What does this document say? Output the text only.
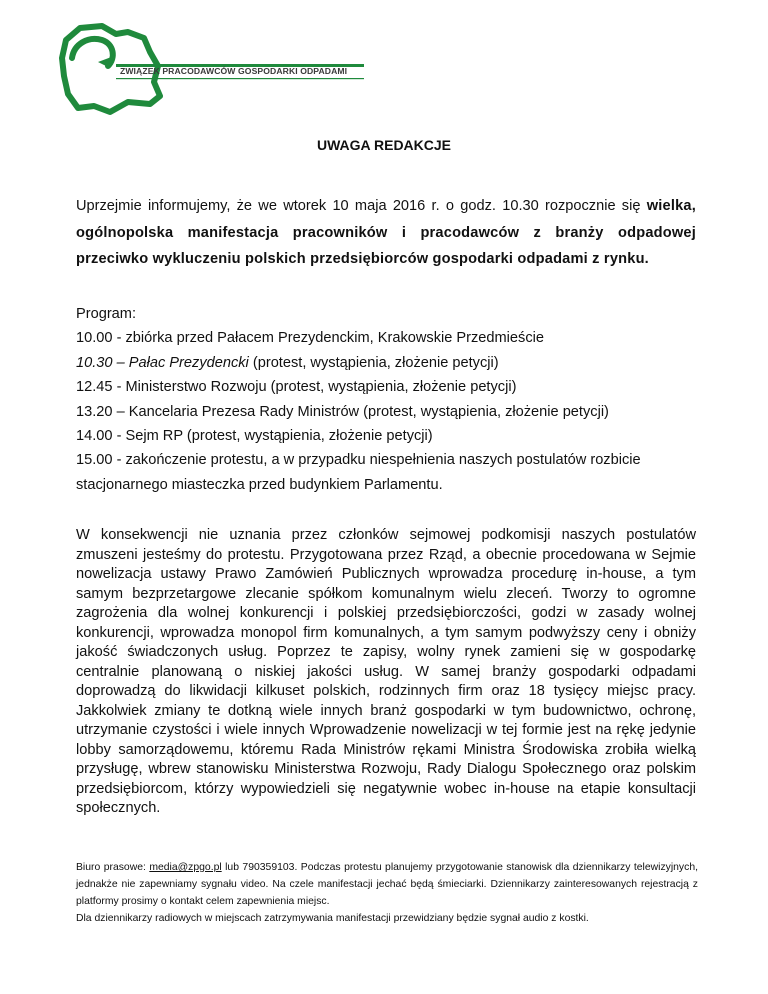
ZWIĄZEK PRACODAWCÓW GOSPODARKI ODPADAMI
UWAGA REDAKCJE
Uprzejmie informujemy, że we wtorek 10 maja 2016 r. o godz. 10.30 rozpocznie się wielka, ogólnopolska manifestacja pracowników i pracodawców z branży odpadowej przeciwko wykluczeniu polskich przedsiębiorców gospodarki odpadami z rynku.
Program:
10.00 - zbiórka przed Pałacem Prezydenckim, Krakowskie Przedmieście
10.30 – Pałac Prezydencki (protest, wystąpienia, złożenie petycji)
12.45 - Ministerstwo Rozwoju (protest, wystąpienia, złożenie petycji)
13.20 – Kancelaria Prezesa Rady Ministrów (protest, wystąpienia, złożenie petycji)
14.00 - Sejm RP (protest, wystąpienia, złożenie petycji)
15.00 - zakończenie protestu, a w przypadku niespełnienia naszych postulatów rozbicie
stacjonarnego miasteczka przed budynkiem Parlamentu.
W konsekwencji nie uznania przez członków sejmowej podkomisji naszych postulatów zmuszeni jesteśmy do protestu. Przygotowana przez Rząd, a obecnie procedowana w Sejmie nowelizacja ustawy Prawo Zamówień Publicznych wprowadza procedurę in-house, a tym samym bezprzetargowe zlecanie spółkom komunalnym wielu zleceń. Tworzy to ogromne zagrożenia dla wolnej konkurencji i polskiej przedsiębiorczości, godzi w zasady wolnej konkurencji, wprowadza monopol firm komunalnych, a tym samym podwyższy ceny i obniży jakość świadczonych usług. Poprzez te zapisy, wolny rynek zamieni się w gospodarkę centralnie planowaną o niskiej jakości usług. W samej branży gospodarki odpadami doprowadzą do likwidacji kilkuset polskich, rodzinnych firm oraz 18 tysięcy miejsc pracy. Jakkolwiek zmiany te dotkną wiele innych branż gospodarki w tym budownictwo, ochronę, utrzymanie czystości i wiele innych Wprowadzenie nowelizacji w tej formie jest na rękę jedynie lobby samorządowemu, któremu Rada Ministrów rękami Ministra Środowiska zrobiła wielką przysługę, wbrew stanowisku Ministerstwa Rozwoju, Rady Dialogu Społecznego oraz polskim przedsiębiorcom, którzy wypowiedzieli się negatywnie wobec in-house na etapie konsultacji społecznych.
Biuro prasowe: media@zpgo.pl lub 790359103. Podczas protestu planujemy przygotowanie stanowisk dla dziennikarzy telewizyjnych, jednakże nie zapewniamy sygnału video. Na czele manifestacji jechać będą śmieciarki. Dziennikarzy zainteresowanych rejestracją z platformy prosimy o kontakt celem zapewnienia miejsc.
Dla dziennikarzy radiowych w miejscach zatrzymywania manifestacji przewidziany będzie sygnał audio z kostki.
